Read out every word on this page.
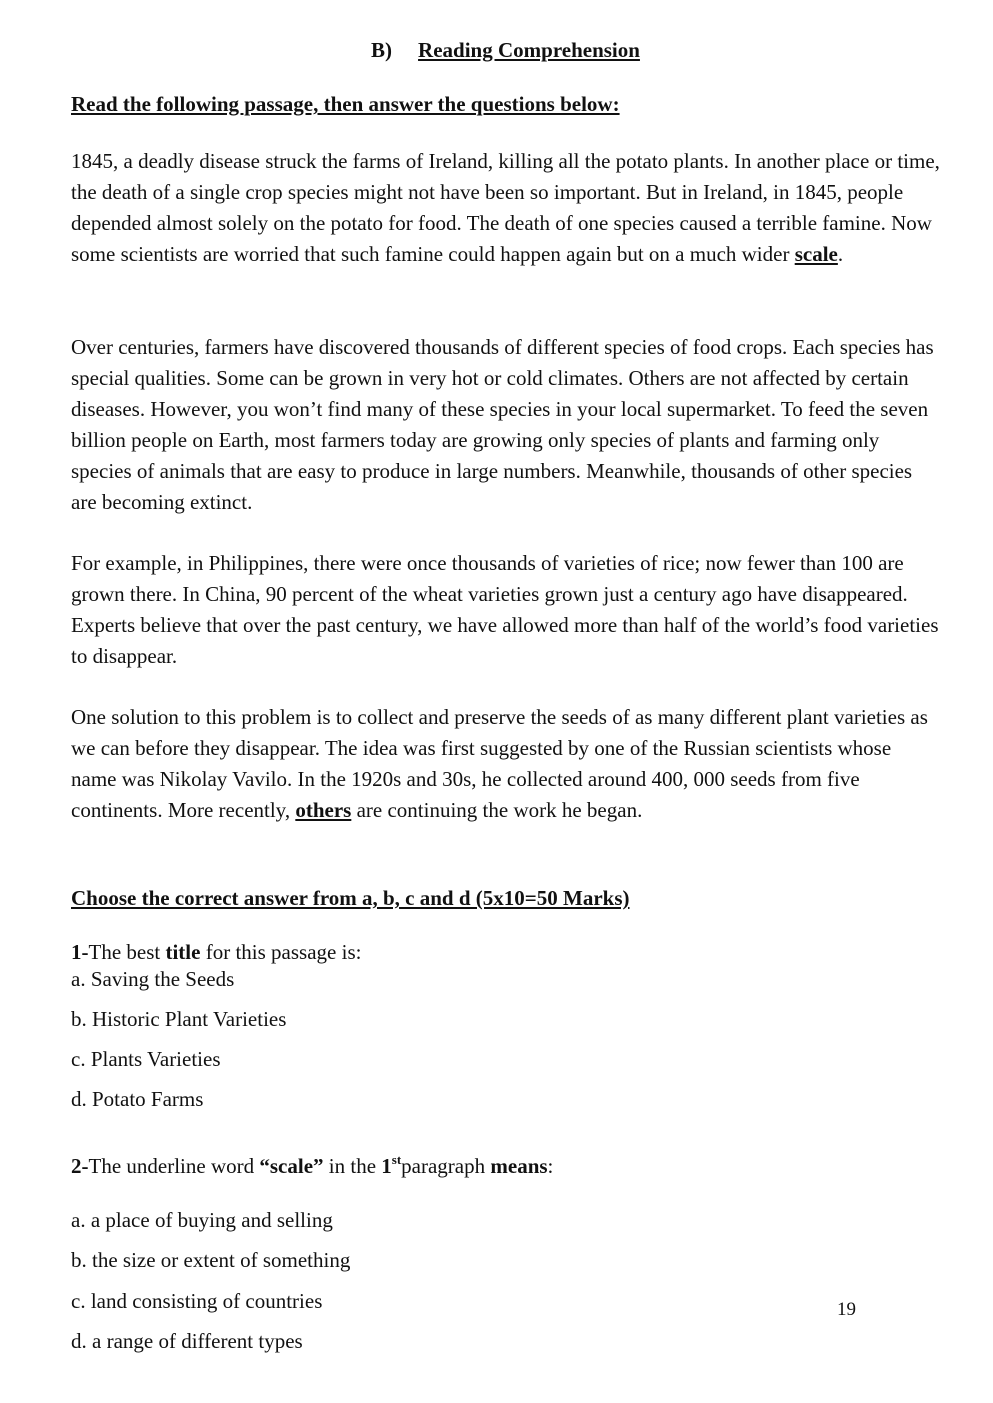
B) Reading Comprehension
Read the following passage, then answer the questions below:

1845, a deadly disease struck the farms of Ireland, killing all the potato plants. In another place or time, the death of a single crop species might not have been so important. But in Ireland, in 1845, people depended almost solely on the potato for food. The death of one species caused a terrible famine. Now some scientists are worried that such famine could happen again but on a much wider scale.

Over centuries, farmers have discovered thousands of different species of food crops. Each species has special qualities. Some can be grown in very hot or cold climates. Others are not affected by certain diseases. However, you won’t find many of these species in your local supermarket. To feed the seven billion people on Earth, most farmers today are growing only species of plants and farming only species of animals that are easy to produce in large numbers. Meanwhile, thousands of other species are becoming extinct.

For example, in Philippines, there were once thousands of varieties of rice; now fewer than 100 are grown there. In China, 90 percent of the wheat varieties grown just a century ago have disappeared. Experts believe that over the past century, we have allowed more than half of the world’s food varieties to disappear.

One solution to this problem is to collect and preserve the seeds of as many different plant varieties as we can before they disappear. The idea was first suggested by one of the Russian scientists whose name was Nikolay Vavilo. In the 1920s and 30s, he collected around 400, 000 seeds from five continents. More recently, others are continuing the work he began.

Choose the correct answer from a, b, c and d (5x10=50 Marks)
1-The best title for this passage is:
a. Saving the Seeds
b. Historic Plant Varieties
c. Plants Varieties
d. Potato Farms
2-The underline word “scale” in the 1stparagraph means:
a. a place of buying and selling
b. the size or extent of something
c. land consisting of countries
d. a range of different types
19
